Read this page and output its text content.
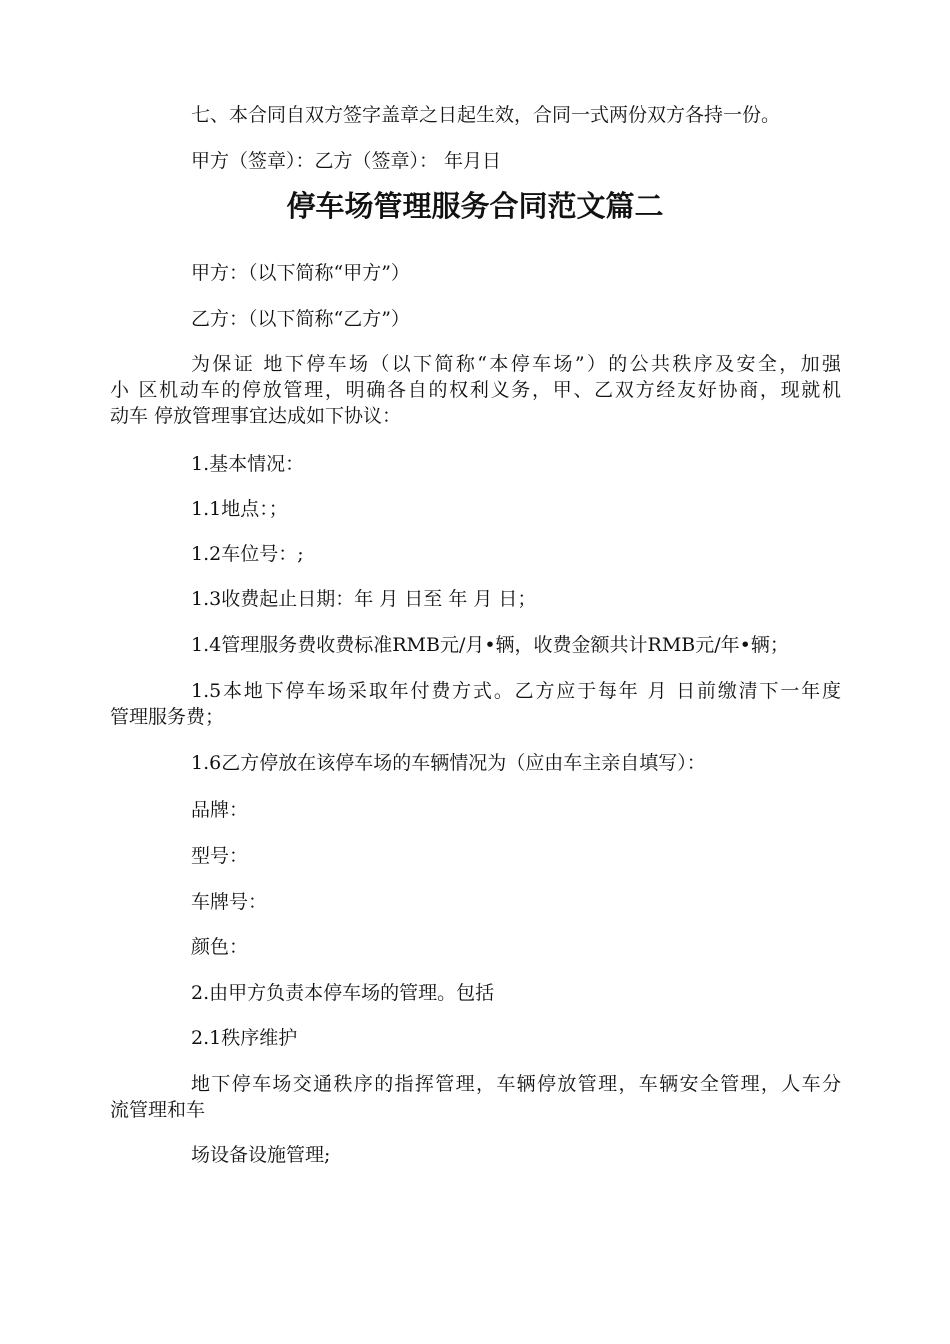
七、本合同自双方签字盖章之日起生效，合同一式两份双方各持一份。
甲方（签章）：乙方（签章）： 年月日
停车场管理服务合同范文篇二
甲方：（以下简称“甲方”）
乙方：（以下简称“乙方”）
为保证 地下停车场（以下简称“本停车场”）的公共秩序及安全，加强
小 区机动车的停放管理，明确各自的权利义务，甲、乙双方经友好协商，现就机
动车 停放管理事宜达成如下协议：
1.基本情况：
1.1地点：；
1.2车位号：;
1.3收费起止日期：年 月 日至 年 月 日；
1.4管理服务费收费标准RMB元/月•辆，收费金额共计RMB元/年•辆；
1.5本地下停车场采取年付费方式。乙方应于每年 月 日前缴清下一年度
管理服务费；
1.6乙方停放在该停车场的车辆情况为（应由车主亲自填写）：
品牌：
型号：
车牌号：
颜色：
2.由甲方负责本停车场的管理。包括
2.1秩序维护
地下停车场交通秩序的指挥管理，车辆停放管理，车辆安全管理，人车分
流管理和车
场设备设施管理;
